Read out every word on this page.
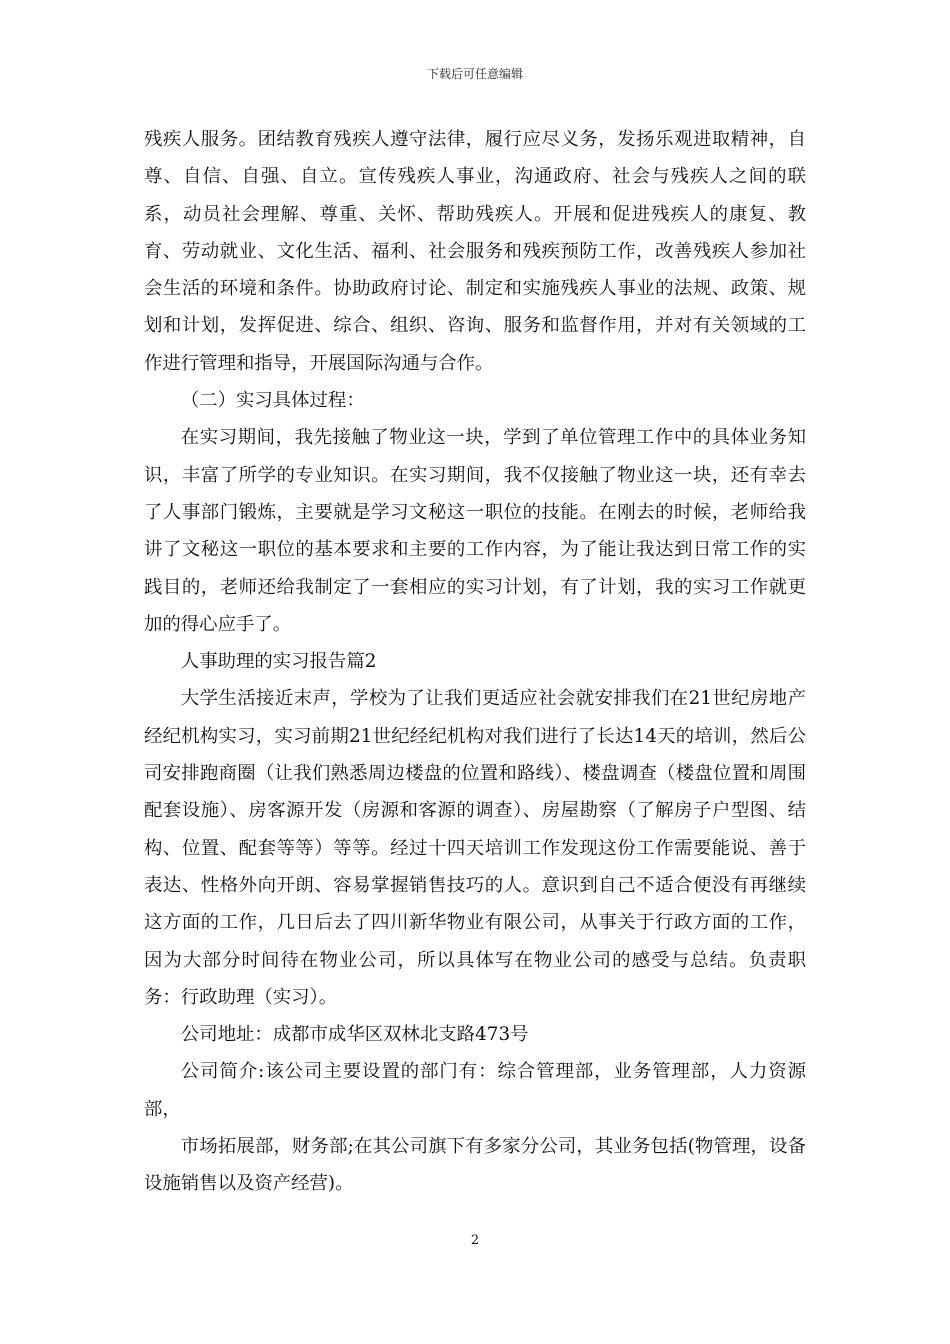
下载后可任意编辑

残疾人服务。团结教育残疾人遵守法律，履行应尽义务，发扬乐观进取精神，自尊、自信、自强、自立。宣传残疾人事业，沟通政府、社会与残疾人之间的联系，动员社会理解、尊重、关怀、帮助残疾人。开展和促进残疾人的康复、教育、劳动就业、文化生活、福利、社会服务和残疾预防工作，改善残疾人参加社会生活的环境和条件。协助政府讨论、制定和实施残疾人事业的法规、政策、规划和计划，发挥促进、综合、组织、咨询、服务和监督作用，并对有关领域的工作进行管理和指导，开展国际沟通与合作。

（二）实习具体过程：

在实习期间，我先接触了物业这一块，学到了单位管理工作中的具体业务知识，丰富了所学的专业知识。在实习期间，我不仅接触了物业这一块，还有幸去了人事部门锻炼，主要就是学习文秘这一职位的技能。在刚去的时候，老师给我讲了文秘这一职位的基本要求和主要的工作内容，为了能让我达到日常工作的实践目的，老师还给我制定了一套相应的实习计划，有了计划，我的实习工作就更加的得心应手了。

人事助理的实习报告篇2

大学生活接近末声，学校为了让我们更适应社会就安排我们在21世纪房地产经纪机构实习，实习前期21世纪经纪机构对我们进行了长达14天的培训，然后公司安排跑商圈（让我们熟悉周边楼盘的位置和路线）、楼盘调查（楼盘位置和周围配套设施）、房客源开发（房源和客源的调查）、房屋勘察（了解房子户型图、结构、位置、配套等等）等等。经过十四天培训工作发现这份工作需要能说、善于表达、性格外向开朗、容易掌握销售技巧的人。意识到自己不适合便没有再继续这方面的工作，几日后去了四川新华物业有限公司，从事关于行政方面的工作，因为大部分时间待在物业公司，所以具体写在物业公司的感受与总结。负责职务：行政助理（实习）。

公司地址：成都市成华区双林北支路473号

公司简介:该公司主要设置的部门有：综合管理部，业务管理部，人力资源部，

市场拓展部，财务部;在其公司旗下有多家分公司，其业务包括(物管理，设备设施销售以及资产经营)。

2
